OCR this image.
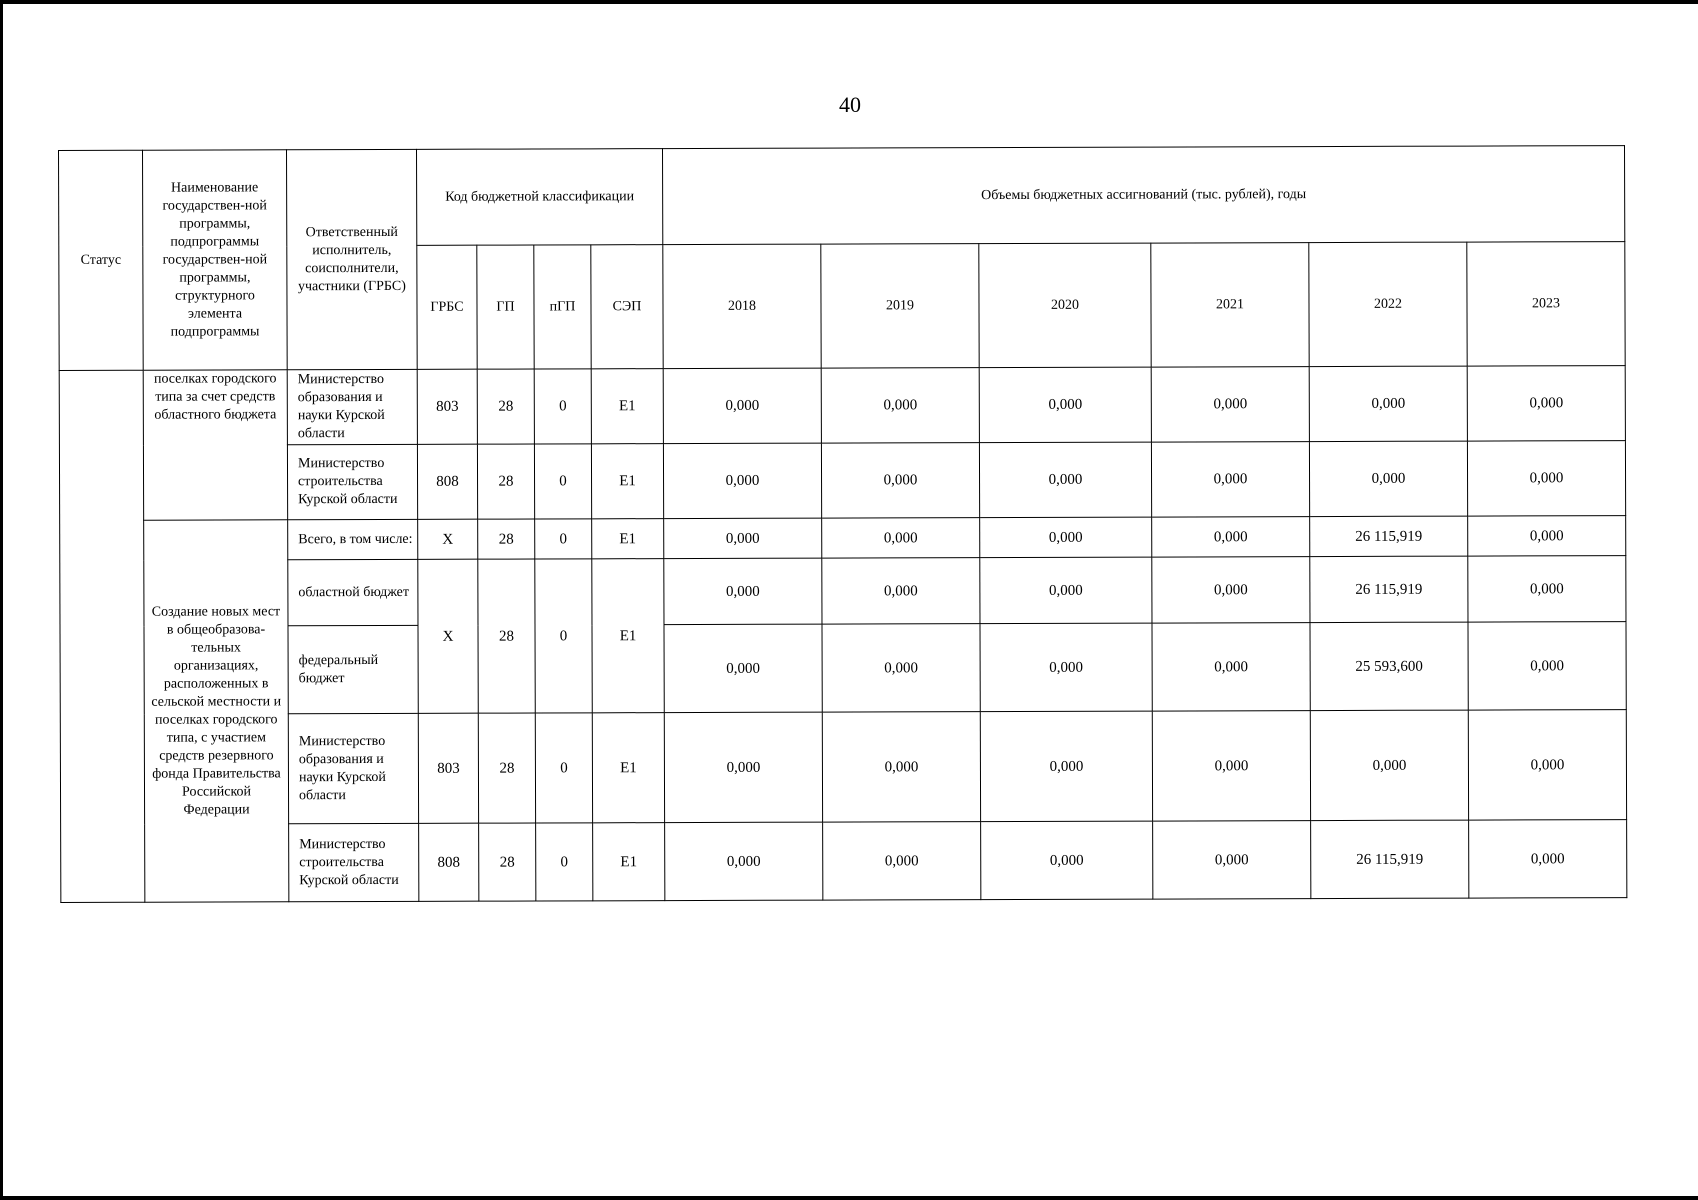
40
Статус	Наименование государствен-ной программы, подпрограммы государствен-ной программы, структурного элемента подпрограммы	Ответственный исполнитель, соисполнители, участники (ГРБС)	Код бюджетной классификации				Объемы бюджетных ассигнований (тыс. рублей), годы					
			ГРБС	ГП	пГП	СЭП	2018	2019	2020	2021	2022	2023
	поселках городского типа за счет средств областного бюджета	Министерство образования и науки Курской области	803	28	0	E1	0,000	0,000	0,000	0,000	0,000	0,000
		Министерство строительства Курской области	808	28	0	E1	0,000	0,000	0,000	0,000	0,000	0,000
	Создание новых мест в общеобразова-тельных организациях, расположенных в сельской местности и поселках городского типа, с участием средств резервного фонда Правительства Российской Федерации	Всего, в том числе:	Х	28	0	E1	0,000	0,000	0,000	0,000	26 115,919	0,000
		областной бюджет	Х	28	0	E1	0,000	0,000	0,000	0,000	26 115,919	0,000
		федеральный бюджет					0,000	0,000	0,000	0,000	25 593,600	0,000
		Министерство образования и науки Курской области	803	28	0	E1	0,000	0,000	0,000	0,000	0,000	0,000
		Министерство строительства Курской области	808	28	0	E1	0,000	0,000	0,000	0,000	26 115,919	0,000
